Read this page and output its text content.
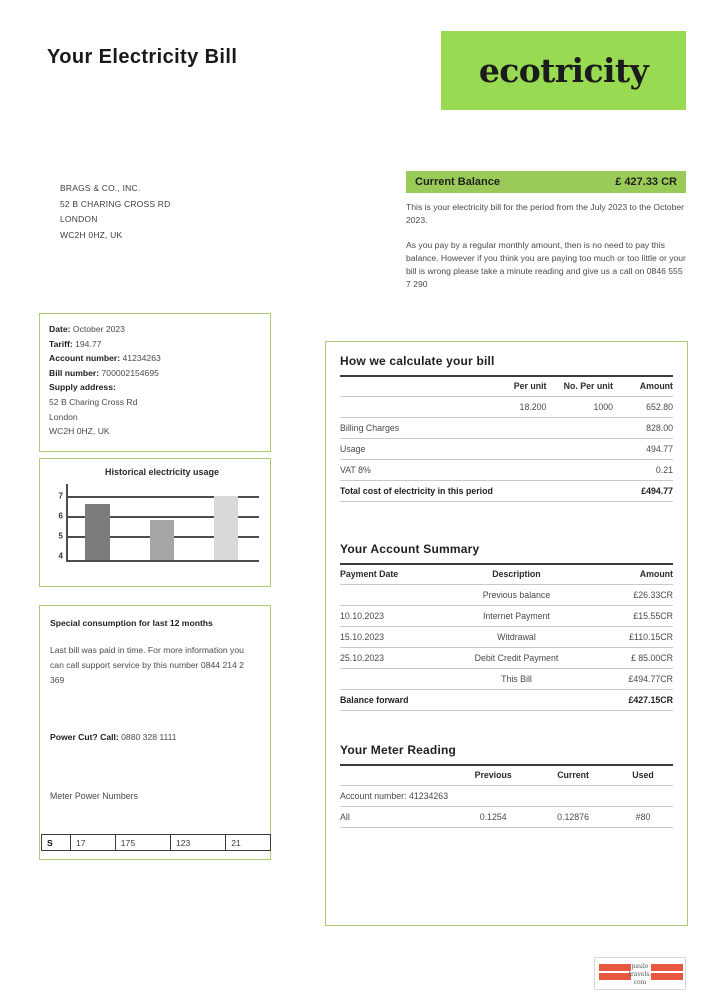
Your Electricity Bill	ecotricity
BRAGS & CO., INC.
52 B CHARING CROSS RD
LONDON
WC2H 0HZ, UK
Current Balance	£ 427.33 CR

This is your electricity bill for the period from the July 2023 to the October 2023.

As you pay by a regular monthly amount, then is no need to pay this balance. However if you think you are paying too much or too little or your bill is wrong please take a minute reading and give us a call on 0846 555 7 290

Date: October 2023
Tariff: 194.77
Account number: 41234263
Bill number: 700002154695
Supply address:
52 B Charing Cross Rd
London
WC2H 0HZ, UK
Historical electricity usage
4
5
6
7
Special consumption for last 12 months
Last bill was paid in time. For more information you can call support service by this number 0844 214 2 369
Power Cut? Call: 0880 328 1111
Meter Power Numbers
S	17	175	123	21
How we calculate your bill
	Per unit	No. Per unit	Amount
	18.200	1000	652.80
Billing Charges			828.00
Usage			494.77
VAT 8%			0.21
Total cost of electricity in this period			£494.77
Your Account Summary
Payment Date	Description	Amount
	Previous balance	£26.33CR
10.10.2023	Internet Payment	£15.55CR
15.10.2023	Witdrawal	£110.15CR
25.10.2023	Debit Credit Payment	£ 85.00CR
	This Bill	£494.77CR
Balance forward		£427.15CR
Your Meter Reading
	Previous	Current	Used
Account number: 41234263			
All	0.1254	0.12876	#80
paulo
travels.
com
